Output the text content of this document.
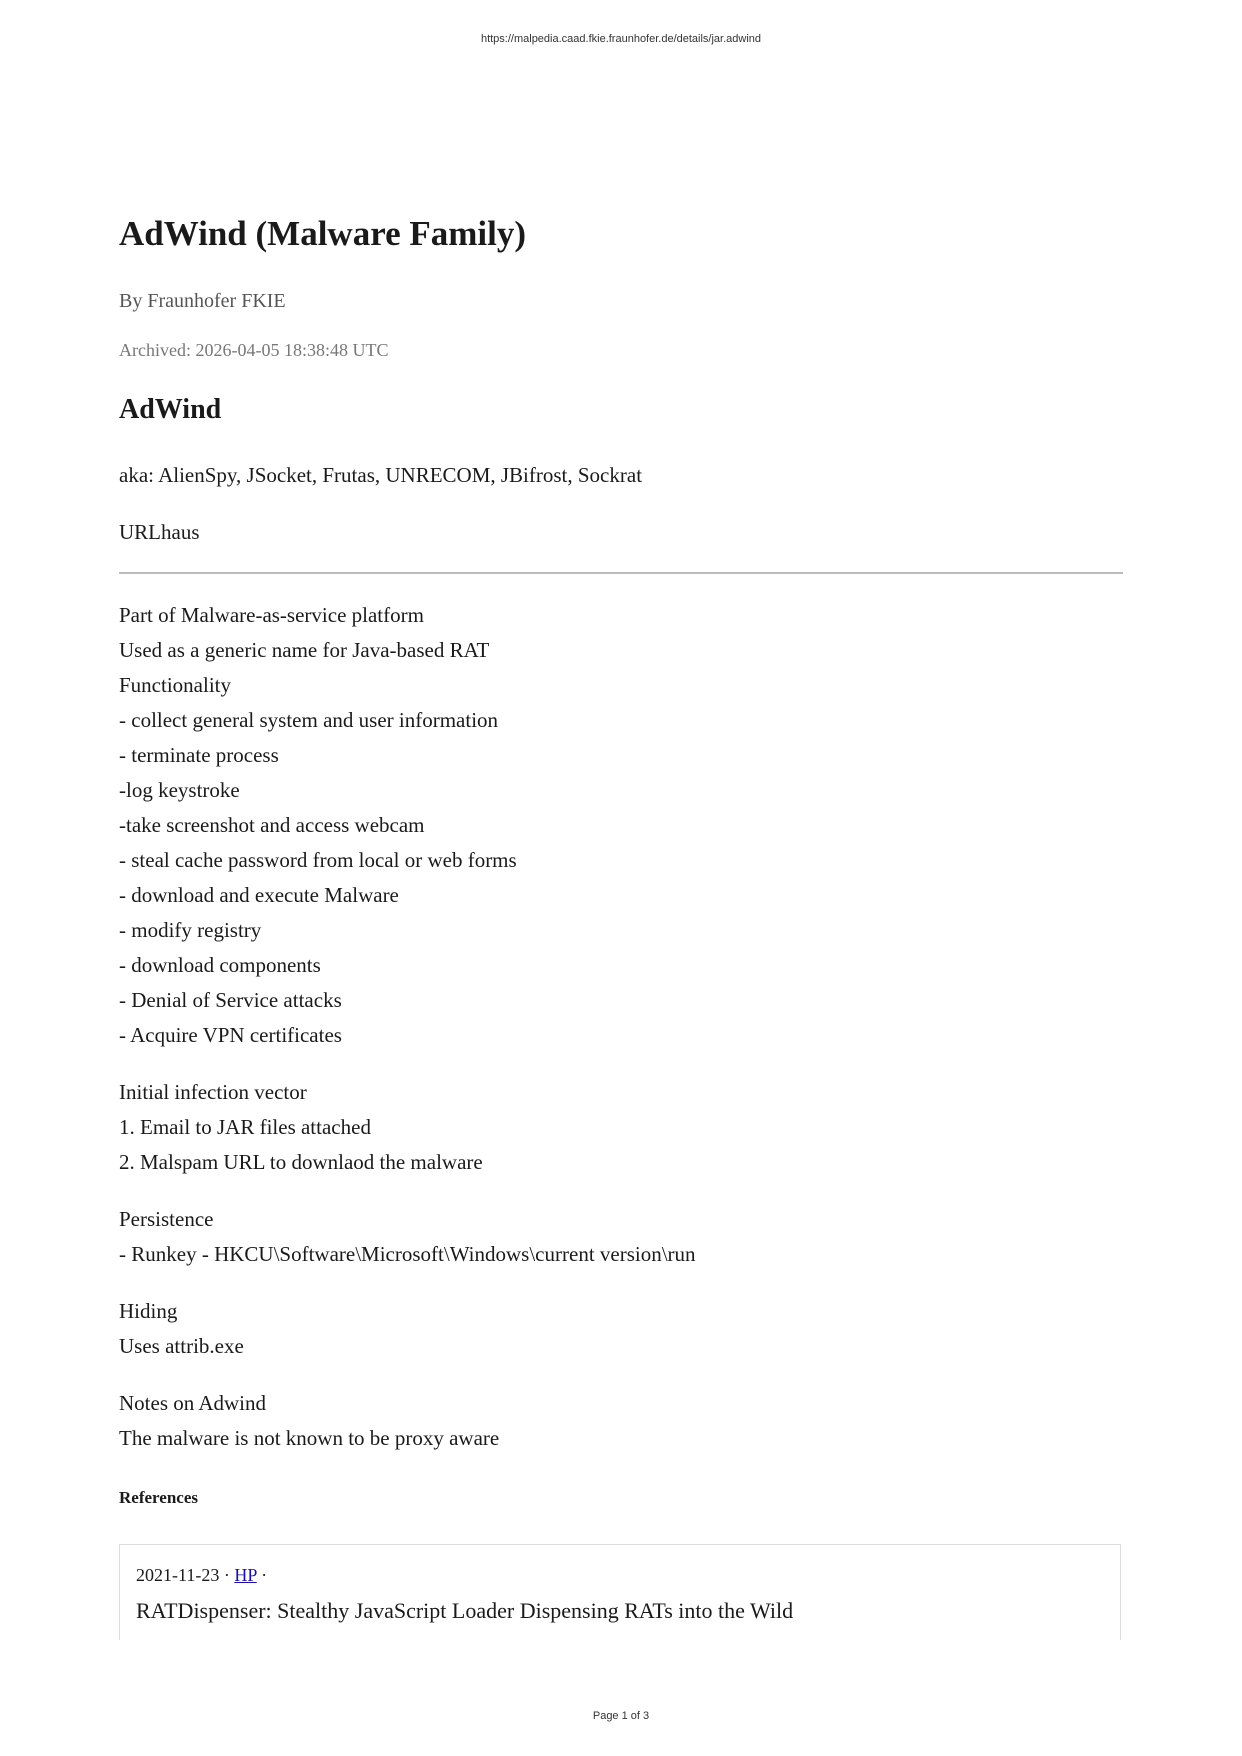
https://malpedia.caad.fkie.fraunhofer.de/details/jar.adwind
AdWind (Malware Family)
By Fraunhofer FKIE
Archived: 2026-04-05 18:38:48 UTC
AdWind
aka: AlienSpy, JSocket, Frutas, UNRECOM, JBifrost, Sockrat
URLhaus
Part of Malware-as-service platform
Used as a generic name for Java-based RAT
Functionality
- collect general system and user information
- terminate process
-log keystroke
-take screenshot and access webcam
- steal cache password from local or web forms
- download and execute Malware
- modify registry
- download components
- Denial of Service attacks
- Acquire VPN certificates
Initial infection vector
1. Email to JAR files attached
2. Malspam URL to downlaod the malware
Persistence
- Runkey - HKCU\Software\Microsoft\Windows\current version\run
Hiding
Uses attrib.exe
Notes on Adwind
The malware is not known to be proxy aware
References
2021-11-23 · HP ·
RATDispenser: Stealthy JavaScript Loader Dispensing RATs into the Wild
Page 1 of 3
